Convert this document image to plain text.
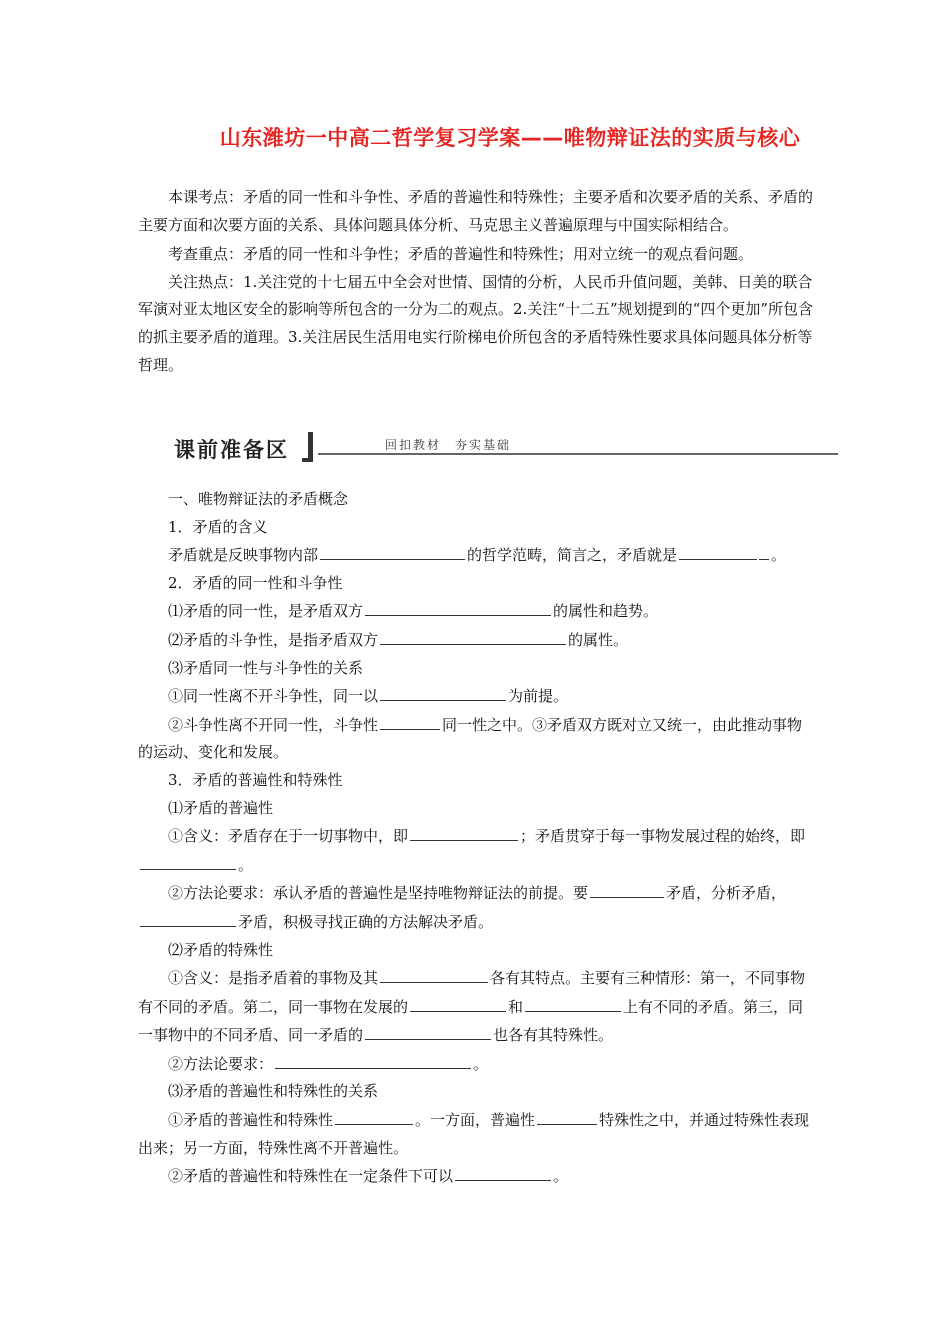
山东潍坊一中高二哲学复习学案——唯物辩证法的实质与核心

本课考点：矛盾的同一性和斗争性、矛盾的普遍性和特殊性；主要矛盾和次要矛盾的关系、矛盾的主要方面和次要方面的关系、具体问题具体分析、马克思主义普遍原理与中国实际相结合。

考查重点：矛盾的同一性和斗争性；矛盾的普遍性和特殊性；用对立统一的观点看问题。

关注热点：1.关注党的十七届五中全会对世情、国情的分析，人民币升值问题，美韩、日美的联合军演对亚太地区安全的影响等所包含的一分为二的观点。2.关注“十二五”规划提到的“四个更加”所包含的抓主要矛盾的道理。3.关注居民生活用电实行阶梯电价所包含的矛盾特殊性要求具体问题具体分析等哲理。

课前准备区	回扣教材　夯实基础

一、唯物辩证法的矛盾概念

1．矛盾的含义

矛盾就是反映事物内部	的哲学范畴，简言之，矛盾就是	。

2．矛盾的同一性和斗争性

⑴矛盾的同一性，是矛盾双方	的属性和趋势。

⑵矛盾的斗争性，是指矛盾双方	的属性。

⑶矛盾同一性与斗争性的关系

①同一性离不开斗争性，同一以	为前提。

②斗争性离不开同一性，斗争性	同一性之中。③矛盾双方既对立又统一，由此推动事物的运动、变化和发展。

3．矛盾的普遍性和特殊性

⑴矛盾的普遍性

①含义：矛盾存在于一切事物中，即	；矛盾贯穿于每一事物发展过程的始终，即。

②方法论要求：承认矛盾的普遍性是坚持唯物辩证法的前提。要	矛盾，分析矛盾，矛盾，积极寻找正确的方法解决矛盾。

⑵矛盾的特殊性

①含义：是指矛盾着的事物及其	各有其特点。主要有三种情形：第一，不同事物有不同的矛盾。第二，同一事物在发展的	和	上有不同的矛盾。第三，同一事物中的不同矛盾、同一矛盾的	也各有其特殊性。

②方法论要求：	。

⑶矛盾的普遍性和特殊性的关系

①矛盾的普遍性和特殊性	。一方面，普遍性	特殊性之中，并通过特殊性表现出来；另一方面，特殊性离不开普遍性。

②矛盾的普遍性和特殊性在一定条件下可以	。
